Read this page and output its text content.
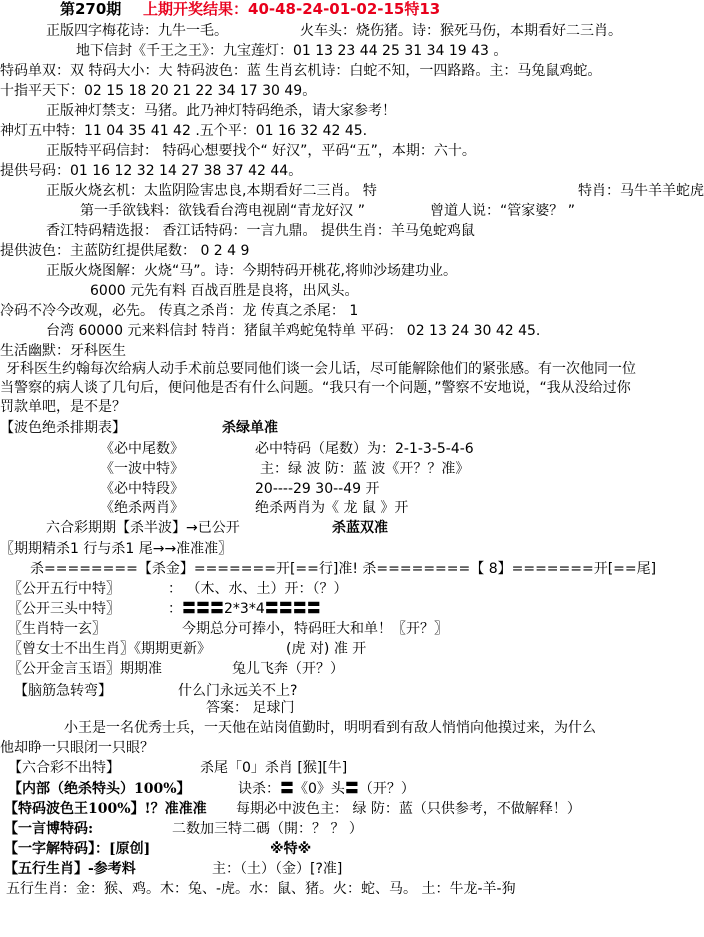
第270期 上期开奖结果：40-48-24-01-02-15特13
正版四字梅花诗：九牛一毛。	火车头：烧伤猪。诗：猴死马伤，本期看好二三肖。
地下信封《千王之王》：九宝莲灯：01 13 23 44 25 31 34 19 43 。
特码单双：双 特码大小：大 特码波色：蓝 生肖玄机诗：白蛇不知，一四路路。主：马兔鼠鸡蛇。
十指平天下：02 15 18 20 21 22 34 17 30 49。
正版神灯禁支：马猪。此乃神灯特码绝杀，请大家参考！
神灯五中特：11 04 35 41 42 .五个平：01 16 32 42 45.
正版特平码信封： 特码心想要找个“ 好汉”，平码“五”，本期：六十。
提供号码：01 16 12 32 14 27 38 37 42 44。
正版火烧玄机：太监阴险害忠良,本期看好二三肖。 特	特肖：马牛羊羊蛇虎
第一手欲钱料：欲钱看台湾电视剧“青龙好汉 ”	曾道人说：“管家婆？ ”
香江特码精选报： 香江话特码：一言九鼎。 提供生肖：羊马兔蛇鸡鼠
提供波色：主蓝防红提供尾数： 0 2 4 9
正版火烧图解：火烧“马”。诗：今期特码开桃花,将帅沙场建功业。
6000 元先有料 百战百胜是良将，出风头。
冷码不冷今改观，必先。 传真之杀肖：龙 传真之杀尾： 1
台湾 60000 元来料信封 特肖：猪鼠羊鸡蛇兔特单 平码： 02 13 24 30 42 45.
生活幽默：牙科医生
牙科医生约翰每次给病人动手术前总要同他们谈一会儿话，尽可能解除他们的紧张感。有一次他同一位
当警察的病人谈了几句后，便问他是否有什么问题。“我只有一个问题，”警察不安地说，“我从没给过你
罚款单吧，是不是？
【波色绝杀排期表】	杀绿单准
《必中尾数》	必中特码（尾数）为：2-1-3-5-4-6
《一波中特》	主：绿 波 防：蓝 波《开？？准》
《必中特段》	20----29 30--49 开
《绝杀两肖》	绝杀两肖为《 龙 鼠 》开
六合彩期期【杀半波】→已公开	杀蓝双准
〖期期精杀1 行与杀1 尾→→准准准〗
杀========【杀金】=======开[==行]准! 杀========【 8】=======开[==尾]
〖公开五行中特〗	： （木、水、土）开：（？）
〖公开三头中特〗	：〓〓〓2*3*4〓〓〓〓
〖生肖特一玄〗	今期总分可捧小，特码旺大和单！〖开？〗
〖曾女士不出生肖〗《期期更新》	(虎 对) 准 开
〖公开金言玉语〗期期准	兔儿飞奔（开？）
【脑筋急转弯】	什么门永远关不上?
答案： 足球门
小王是一名优秀士兵，一天他在站岗值勤时，明明看到有敌人悄悄向他摸过来，为什么
他却睁一只眼闭一只眼？
【六合彩不出特】	杀尾「0」杀肖 [猴][牛]
【内部（绝杀特头）100%】	诀杀：〓《0》头〓（开？）
【特码波色王100%】!？准准准 每期必中波色主： 绿 防：蓝（只供参考，不做解释！）
【一言博特码:	二数加三特二碼（開：？ ？ ）
【一字解特码】：[原创]	※特※
【五行生肖】-参考料	主：（土）（金）[?准]
五行生肖：金：猴、鸡。木：兔、-虎。水：鼠、猪。火：蛇、马。 土：牛龙-羊-狗
